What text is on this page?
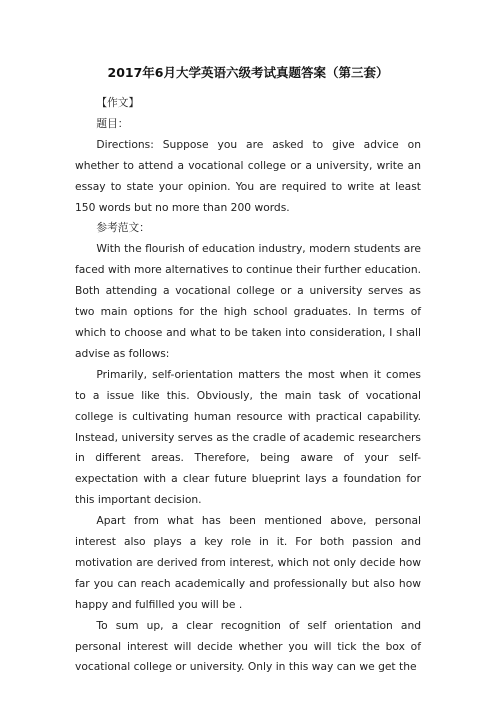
2017年6月大学英语六级考试真题答案（第三套）

【作文】

题目：

Directions: Suppose you are asked to give advice on whether to attend a vocational college or a university, write an essay to state your opinion. You are required to write at least 150 words but no more than 200 words.

参考范文：

With the flourish of education industry, modern students are faced with more alternatives to continue their further education. Both attending a vocational college or a university serves as two main options for the high school graduates. In terms of which to choose and what to be taken into consideration, I shall advise as follows:

Primarily, self-orientation matters the most when it comes to a issue like this. Obviously, the main task of vocational college is cultivating human resource with practical capability. Instead, university serves as the cradle of academic researchers in different areas. Therefore, being aware of your self-expectation with a clear future blueprint lays a foundation for this important decision.

Apart from what has been mentioned above, personal interest also plays a key role in it. For both passion and motivation are derived from interest, which not only decide how far you can reach academically and professionally but also how happy and fulfilled you will be .

To sum up, a clear recognition of self orientation and personal interest will decide whether you will tick the box of vocational college or university. Only in this way can we get the
